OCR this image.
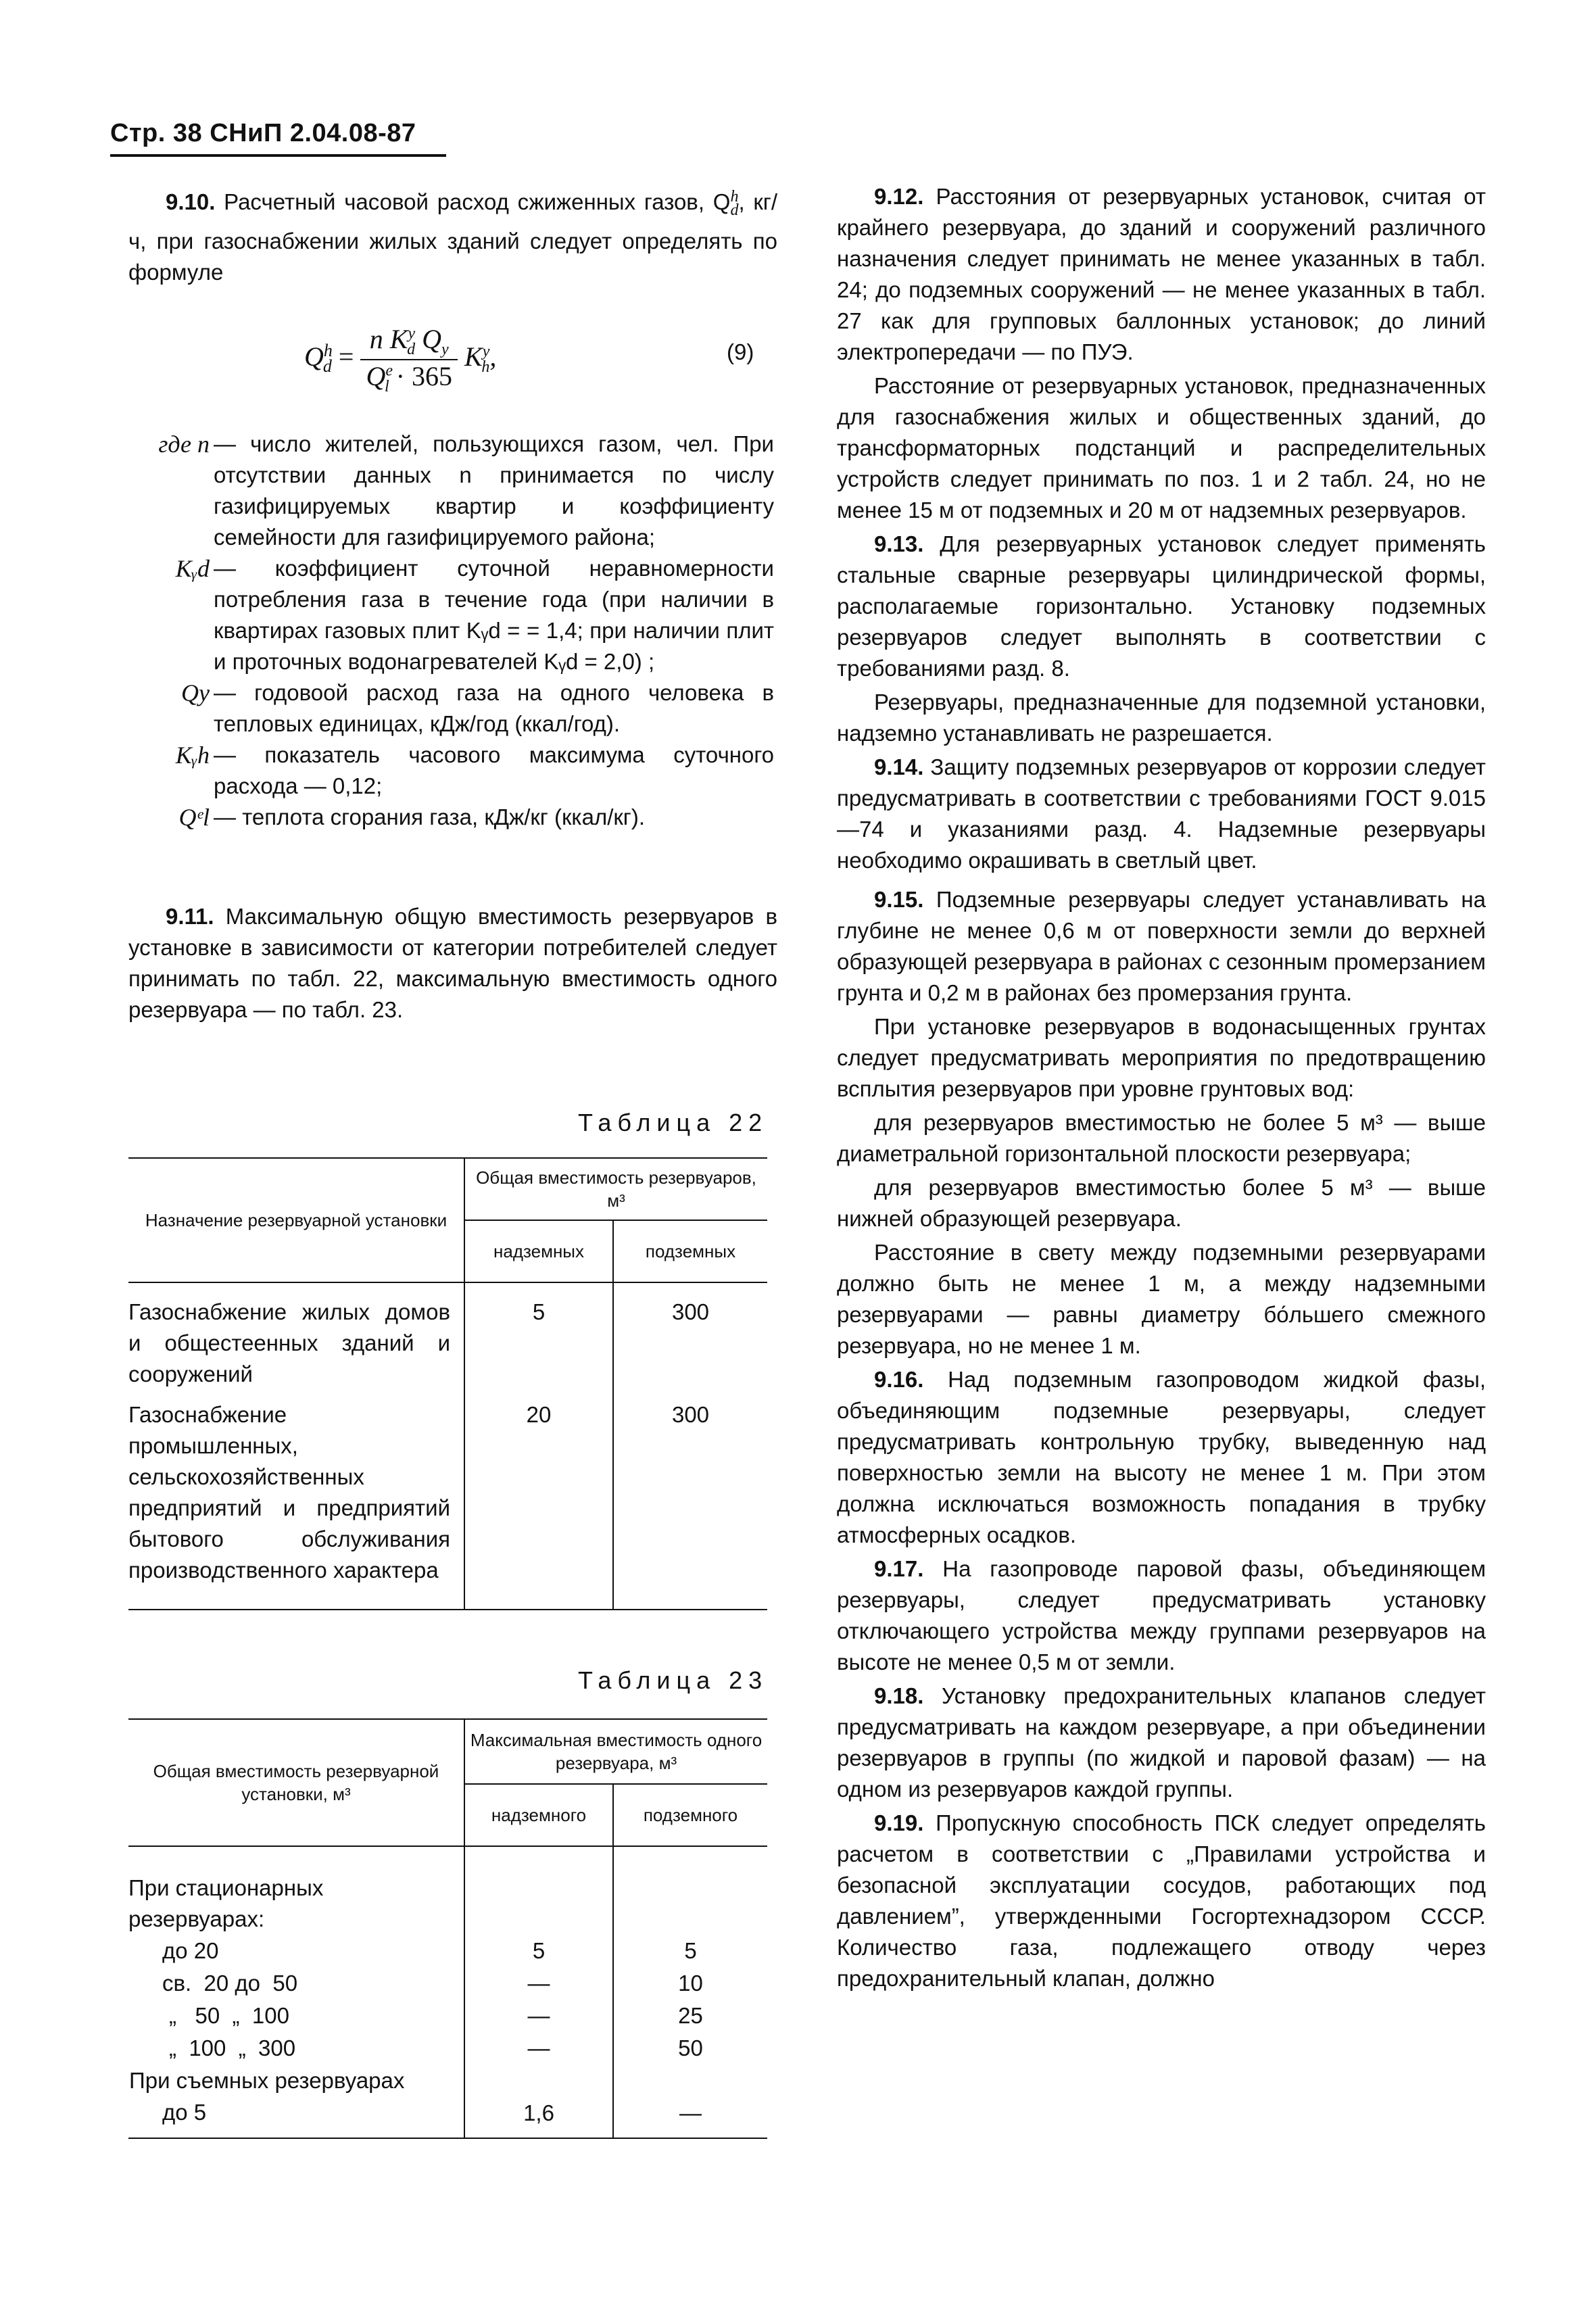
Стр. 38 СНиП 2.04.08-87

9.10. Расчетный часовой расход сжиженных газов, $Q^h_d$, кг/ч, при газоснабжении жилых зданий следует определять по формуле

$Q^h_d = \frac{n K^y_d Q_y}{Q^e_l \cdot 365} K^y_h$,	(9)
где n — число жителей, пользующихся газом, чел. При отсутствии данных n принимается по числу газифицируемых квартир и коэффициенту семейности для газифицируемого района;
Kᵧd — коэффициент суточной неравномерности потребления газа в течение года (при наличии в квартирах газовых плит Kᵧd = = 1,4; при наличии плит и проточных водонагревателей Kᵧd = 2,0) ;
Qy — годовоой расход газа на одного человека в тепловых единицах, кДж/год (ккал/год).
Kᵧh — показатель часового максимума суточного расхода — 0,12;
Qᵉl — теплота сгорания газа, кДж/кг (ккал/кг).

9.11. Максимальную общую вместимость резервуаров в установке в зависимости от категории потребителей следует принимать по табл. 22, максимальную вместимость одного резервуара — по табл. 23.

Таблица 22
Назначение резервуарной установки	Общая вместимость резервуаров, м³	
	надземных	подземных
Газоснабжение жилых домов и общестеенных зданий и сооружений	5	300
Газоснабжение промышленных, сельскохозяйственных предприятий и предприятий бытового обслуживания производственного характера	20	300
Таблица 23
Общая вместимость резервуарной установки, м³	Максимальная вместимость одного резервуара, м³	
	надземного	подземного
При стационарных резервуарах:		
до 20	5	5
св.  20 до  50	—	10
„   50  „  100	—	25
„  100  „  300	—	50
При съемных резервуарах		
до 5	1,6	—

9.12. Расстояния от резервуарных установок, считая от крайнего резервуара, до зданий и сооружений различного назначения следует принимать не менее указанных в табл. 24; до подземных сооружений — не менее указанных в табл. 27 как для групповых баллонных установок; до линий электропередачи — по ПУЭ.

Расстояние от резервуарных установок, предназначенных для газоснабжения жилых и общественных зданий, до трансформаторных подстанций и распределительных устройств следует принимать по поз. 1 и 2 табл. 24, но не менее 15 м от подземных и 20 м от надземных резервуаров.

9.13. Для резервуарных установок следует применять стальные сварные резервуары цилиндрической формы, располагаемые горизонтально. Установку подземных резервуаров следует выполнять в соответствии с требованиями разд. 8.

Резервуары, предназначенные для подземной установки, надземно устанавливать не разрешается.

9.14. Защиту подземных резервуаров от коррозии следует предусматривать в соответствии с требованиями ГОСТ 9.015—74 и указаниями разд. 4. Надземные резервуары необходимо окрашивать в светлый цвет.

9.15. Подземные резервуары следует устанавливать на глубине не менее 0,6 м от поверхности земли до верхней образующей резервуара в районах с сезонным промерзанием грунта и 0,2 м в районах без промерзания грунта.

При установке резервуаров в водонасыщенных грунтах следует предусматривать мероприятия по предотвращению всплытия резервуаров при уровне грунтовых вод:

для резервуаров вместимостью не более 5 м³ — выше диаметральной горизонтальной плоскости резервуара;

для резервуаров вместимостью более 5 м³ — выше нижней образующей резервуара.

Расстояние в свету между подземными резервуарами должно быть не менее 1 м, а между надземными резервуарами — равны диаметру бо́льшего смежного резервуара, но не менее 1 м.

9.16. Над подземным газопроводом жидкой фазы, объединяющим подземные резервуары, следует предусматривать контрольную трубку, выведенную над поверхностью земли на высоту не менее 1 м. При этом должна исключаться возможность попадания в трубку атмосферных осадков.

9.17. На газопроводе паровой фазы, объединяющем резервуары, следует предусматривать установку отключающего устройства между группами резервуаров на высоте не менее 0,5 м от земли.

9.18. Установку предохранительных клапанов следует предусматривать на каждом резервуаре, а при объединении резервуаров в группы (по жидкой и паровой фазам) — на одном из резервуаров каждой группы.

9.19. Пропускную способность ПСК следует определять расчетом в соответствии с „Правилами устройства и безопасной эксплуатации сосудов, работающих под давлением”, утвержденными Госгортехнадзором СССР. Количество газа, подлежащего отводу через предохранительный клапан, должно
